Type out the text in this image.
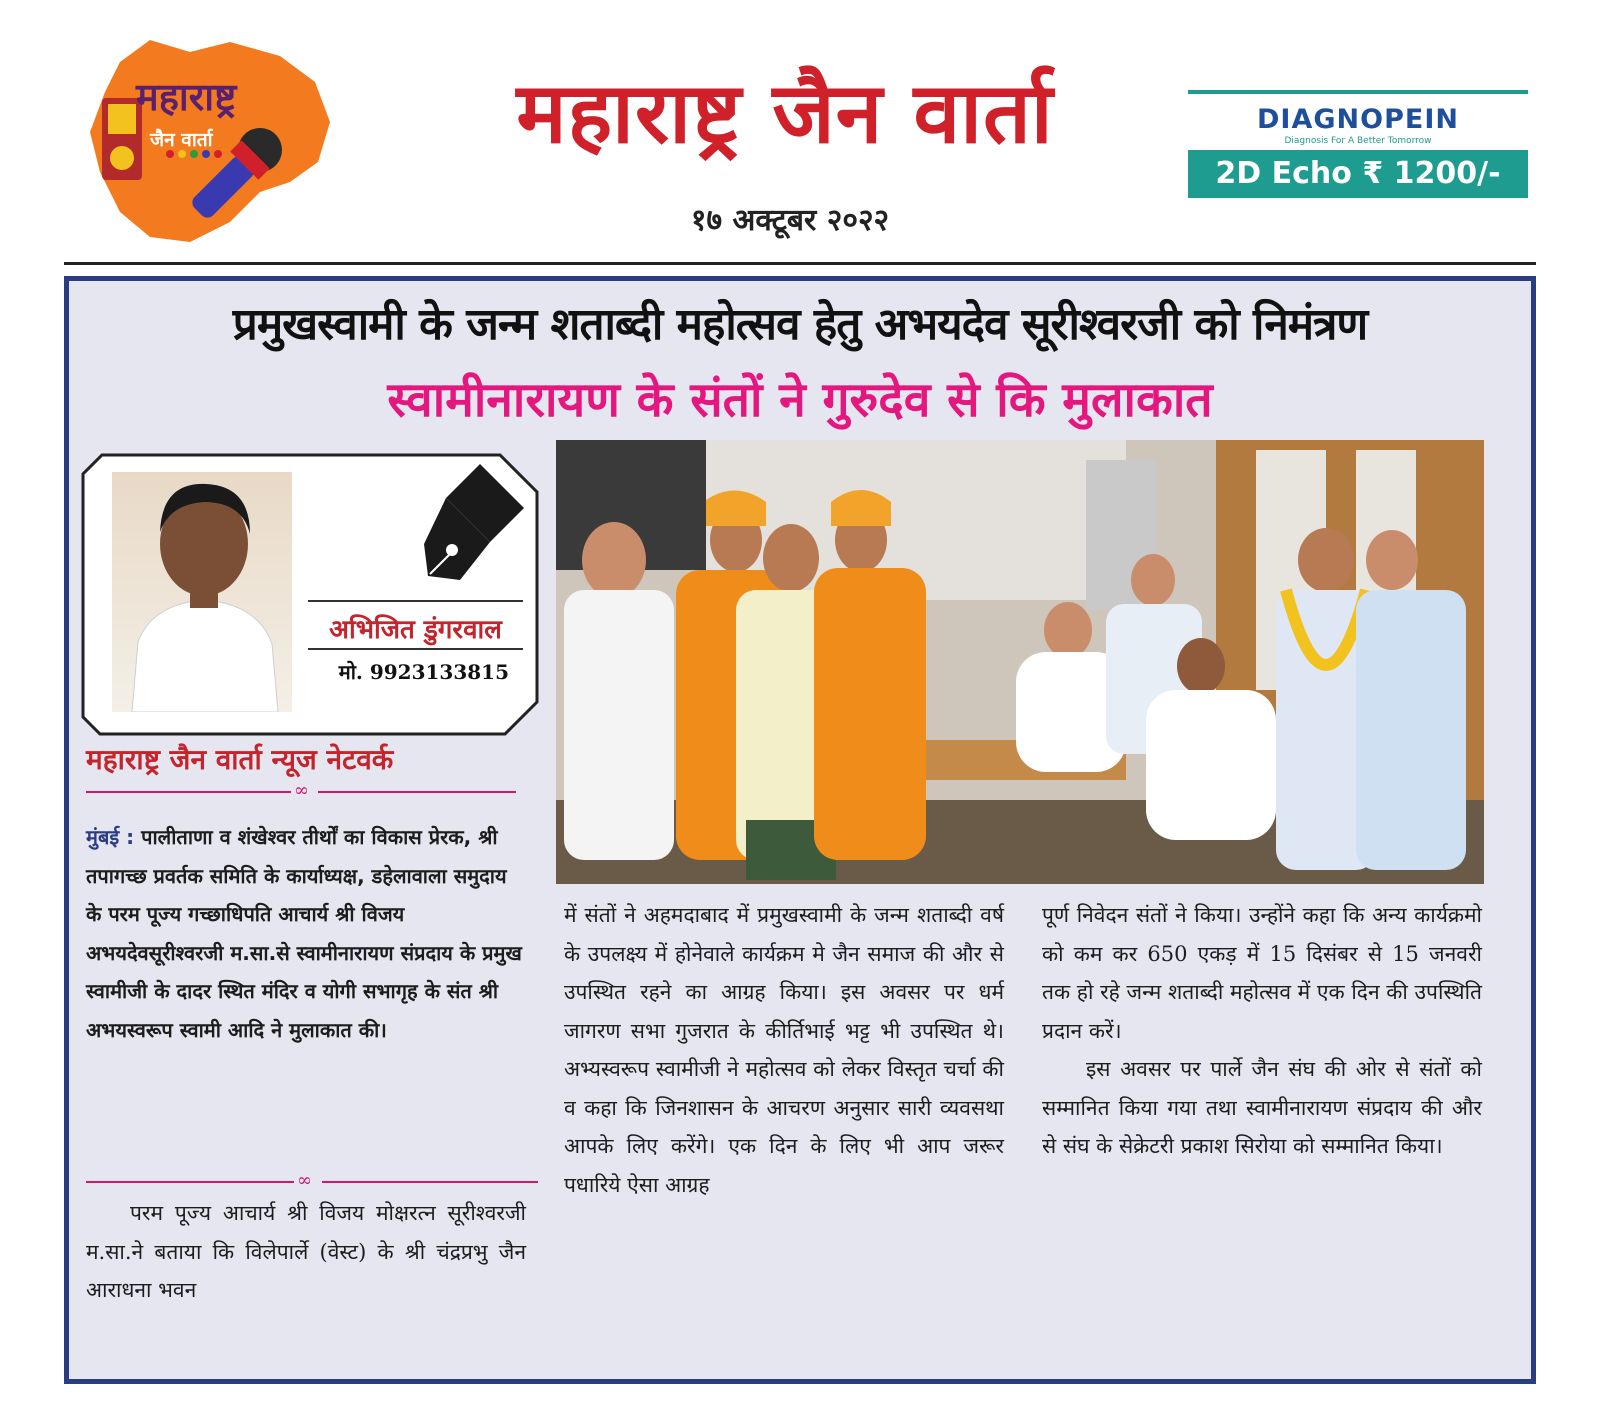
महाराष्ट्र
जैन वार्ता	महाराष्ट्र जैन वार्ता
१७ अक्टूबर २०२२
DIAGNOPEIN
Diagnosis For A Better Tomorrow
2D Echo ₹ 1200/-
प्रमुखस्वामी के जन्म शताब्दी महोत्सव हेतु अभयदेव सूरीश्वरजी को निमंत्रण
स्वामीनारायण के संतों ने गुरुदेव से कि मुलाकात
अभिजित डुंगरवाल
मो. 9923133815
महाराष्ट्र जैन वार्ता न्यूज नेटवर्क
∞
मुंबई : पालीताणा व शंखेश्वर तीर्थों का विकास प्रेरक, श्री तपागच्छ प्रवर्तक समिति के कार्याध्यक्ष, डहेलावाला समुदाय के परम पूज्य गच्छाधिपति आचार्य श्री विजय अभयदेवसूरीश्वरजी म.सा.से स्वामीनारायण संप्रदाय के प्रमुख स्वामीजी के दादर स्थित मंदिर व योगी सभागृह के संत श्री अभयस्वरूप स्वामी आदि ने मुलाकात की।
∞

परम पूज्य आचार्य श्री विजय मोक्षरत्न सूरीश्वरजी म.सा.ने बताया कि विलेपार्ले (वेस्ट) के श्री चंद्रप्रभु जैन आराधना भवन

में संतों ने अहमदाबाद में प्रमुखस्वामी के जन्म शताब्दी वर्ष के उपलक्ष्य में होनेवाले कार्यक्रम मे जैन समाज की और से उपस्थित रहने का आग्रह किया। इस अवसर पर धर्म जागरण सभा गुजरात के कीर्तिभाई भट्ट भी उपस्थित थे। अभ्यस्वरूप स्वामीजी ने महोत्सव को लेकर विस्तृत चर्चा की व कहा कि जिनशासन के आचरण अनुसार सारी व्यवसथा आपके लिए करेंगे। एक दिन के लिए भी आप जरूर पधारिये ऐसा आग्रह

पूर्ण निवेदन संतों ने किया। उन्होंने कहा कि अन्य कार्यक्रमो को कम कर 650 एकड़ में 15 दिसंबर से 15 जनवरी तक हो रहे जन्म शताब्दी महोत्सव में एक दिन की उपस्थिति प्रदान करें।

इस अवसर पर पार्ले जैन संघ की ओर से संतों को सम्मानित किया गया तथा स्वामीनारायण संप्रदाय की और से संघ के सेक्रेटरी प्रकाश सिरोया को सम्मानित किया।
